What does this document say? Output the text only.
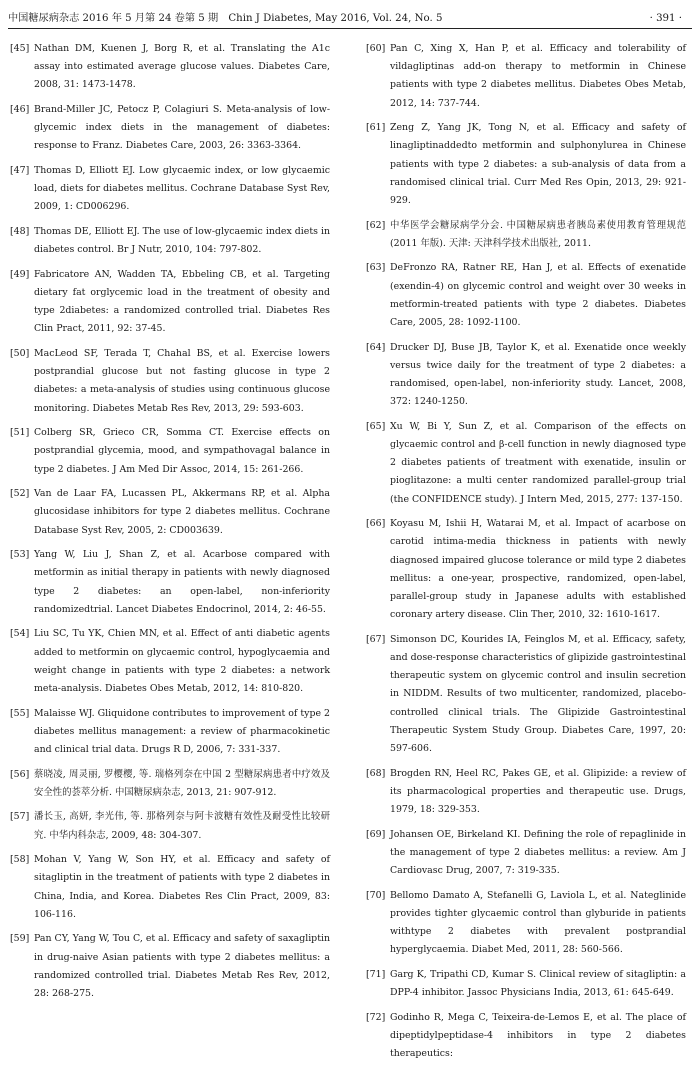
中国糖尿病杂志 2016 年 5 月第 24 卷第 5 期　Chin J Diabetes, May 2016, Vol. 24, No. 5	· 391 ·
[45] Nathan DM, Kuenen J, Borg R, et al. Translating the A1c assay into estimated average glucose values. Diabetes Care, 2008, 31: 1473-1478.
[46] Brand-Miller JC, Petocz P, Colagiuri S. Meta-analysis of low-glycemic index diets in the management of diabetes: response to Franz. Diabetes Care, 2003, 26: 3363-3364.
[47] Thomas D, Elliott EJ. Low glycaemic index, or low glycaemic load, diets for diabetes mellitus. Cochrane Database Syst Rev, 2009, 1: CD006296.
[48] Thomas DE, Elliott EJ. The use of low-glycaemic index diets in diabetes control. Br J Nutr, 2010, 104: 797-802.
[49] Fabricatore AN, Wadden TA, Ebbeling CB, et al. Targeting dietary fat orglycemic load in the treatment of obesity and type 2diabetes: a randomized controlled trial. Diabetes Res Clin Pract, 2011, 92: 37-45.
[50] MacLeod SF, Terada T, Chahal BS, et al. Exercise lowers postprandial glucose but not fasting glucose in type 2 diabetes: a meta-analysis of studies using continuous glucose monitoring. Diabetes Metab Res Rev, 2013, 29: 593-603.
[51] Colberg SR, Grieco CR, Somma CT. Exercise effects on postprandial glycemia, mood, and sympathovagal balance in type 2 diabetes. J Am Med Dir Assoc, 2014, 15: 261-266.
[52] Van de Laar FA, Lucassen PL, Akkermans RP, et al. Alpha glucosidase inhibitors for type 2 diabetes mellitus. Cochrane Database Syst Rev, 2005, 2: CD003639.
[53] Yang W, Liu J, Shan Z, et al. Acarbose compared with metformin as initial therapy in patients with newly diagnosed type 2 diabetes: an open-label, non-inferiority randomizedtrial. Lancet Diabetes Endocrinol, 2014, 2: 46-55.
[54] Liu SC, Tu YK, Chien MN, et al. Effect of anti diabetic agents added to metformin on glycaemic control, hypoglycaemia and weight change in patients with type 2 diabetes: a network meta-analysis. Diabetes Obes Metab, 2012, 14: 810-820.
[55] Malaisse WJ. Gliquidone contributes to improvement of type 2 diabetes mellitus management: a review of pharmacokinetic and clinical trial data. Drugs R D, 2006, 7: 331-337.
[56] 蔡晓凌, 周灵丽, 罗樱樱, 等. 瑞格列奈在中国 2 型糖尿病患者中疗效及安全性的荟萃分析. 中国糖尿病杂志, 2013, 21: 907-912.
[57] 潘长玉, 高妍, 李光伟, 等. 那格列奈与阿卡波糖有效性及耐受性比较研究. 中华内科杂志, 2009, 48: 304-307.
[58] Mohan V, Yang W, Son HY, et al. Efficacy and safety of sitagliptin in the treatment of patients with type 2 diabetes in China, India, and Korea. Diabetes Res Clin Pract, 2009, 83: 106-116.
[59] Pan CY, Yang W, Tou C, et al. Efficacy and safety of saxagliptin in drug-naive Asian patients with type 2 diabetes mellitus: a randomized controlled trial. Diabetes Metab Res Rev, 2012, 28: 268-275.
[60] Pan C, Xing X, Han P, et al. Efficacy and tolerability of vildagliptinas add-on therapy to metformin in Chinese patients with type 2 diabetes mellitus. Diabetes Obes Metab, 2012, 14: 737-744.
[61] Zeng Z, Yang JK, Tong N, et al. Efficacy and safety of linagliptinaddedto metformin and sulphonylurea in Chinese patients with type 2 diabetes: a sub-analysis of data from a randomised clinical trial. Curr Med Res Opin, 2013, 29: 921-929.
[62] 中华医学会糖尿病学分会. 中国糖尿病患者胰岛素使用教育管理规范(2011 年版). 天津: 天津科学技术出版社, 2011.
[63] DeFronzo RA, Ratner RE, Han J, et al. Effects of exenatide (exendin-4) on glycemic control and weight over 30 weeks in metformin-treated patients with type 2 diabetes. Diabetes Care, 2005, 28: 1092-1100.
[64] Drucker DJ, Buse JB, Taylor K, et al. Exenatide once weekly versus twice daily for the treatment of type 2 diabetes: a randomised, open-label, non-inferiority study. Lancet, 2008, 372: 1240-1250.
[65] Xu W, Bi Y, Sun Z, et al. Comparison of the effects on glycaemic control and β-cell function in newly diagnosed type 2 diabetes patients of treatment with exenatide, insulin or pioglitazone: a multi center randomized parallel-group trial (the CONFIDENCE study). J Intern Med, 2015, 277: 137-150.
[66] Koyasu M, Ishii H, Watarai M, et al. Impact of acarbose on carotid intima-media thickness in patients with newly diagnosed impaired glucose tolerance or mild type 2 diabetes mellitus: a one-year, prospective, randomized, open-label, parallel-group study in Japanese adults with established coronary artery disease. Clin Ther, 2010, 32: 1610-1617.
[67] Simonson DC, Kourides IA, Feinglos M, et al. Efficacy, safety, and dose-response characteristics of glipizide gastrointestinal therapeutic system on glycemic control and insulin secretion in NIDDM. Results of two multicenter, randomized, placebo-controlled clinical trials. The Glipizide Gastrointestinal Therapeutic System Study Group. Diabetes Care, 1997, 20: 597-606.
[68] Brogden RN, Heel RC, Pakes GE, et al. Glipizide: a review of its pharmacological properties and therapeutic use. Drugs, 1979, 18: 329-353.
[69] Johansen OE, Birkeland KI. Defining the role of repaglinide in the management of type 2 diabetes mellitus: a review. Am J Cardiovasc Drug, 2007, 7: 319-335.
[70] Bellomo Damato A, Stefanelli G, Laviola L, et al. Nateglinide provides tighter glycaemic control than glyburide in patients withtype 2 diabetes with prevalent postprandial hyperglycaemia. Diabet Med, 2011, 28: 560-566.
[71] Garg K, Tripathi CD, Kumar S. Clinical review of sitagliptin: a DPP-4 inhibitor. Jassoc Physicians India, 2013, 61: 645-649.
[72] Godinho R, Mega C, Teixeira-de-Lemos E, et al. The place of dipeptidylpeptidase-4 inhibitors in type 2 diabetes therapeutics:
